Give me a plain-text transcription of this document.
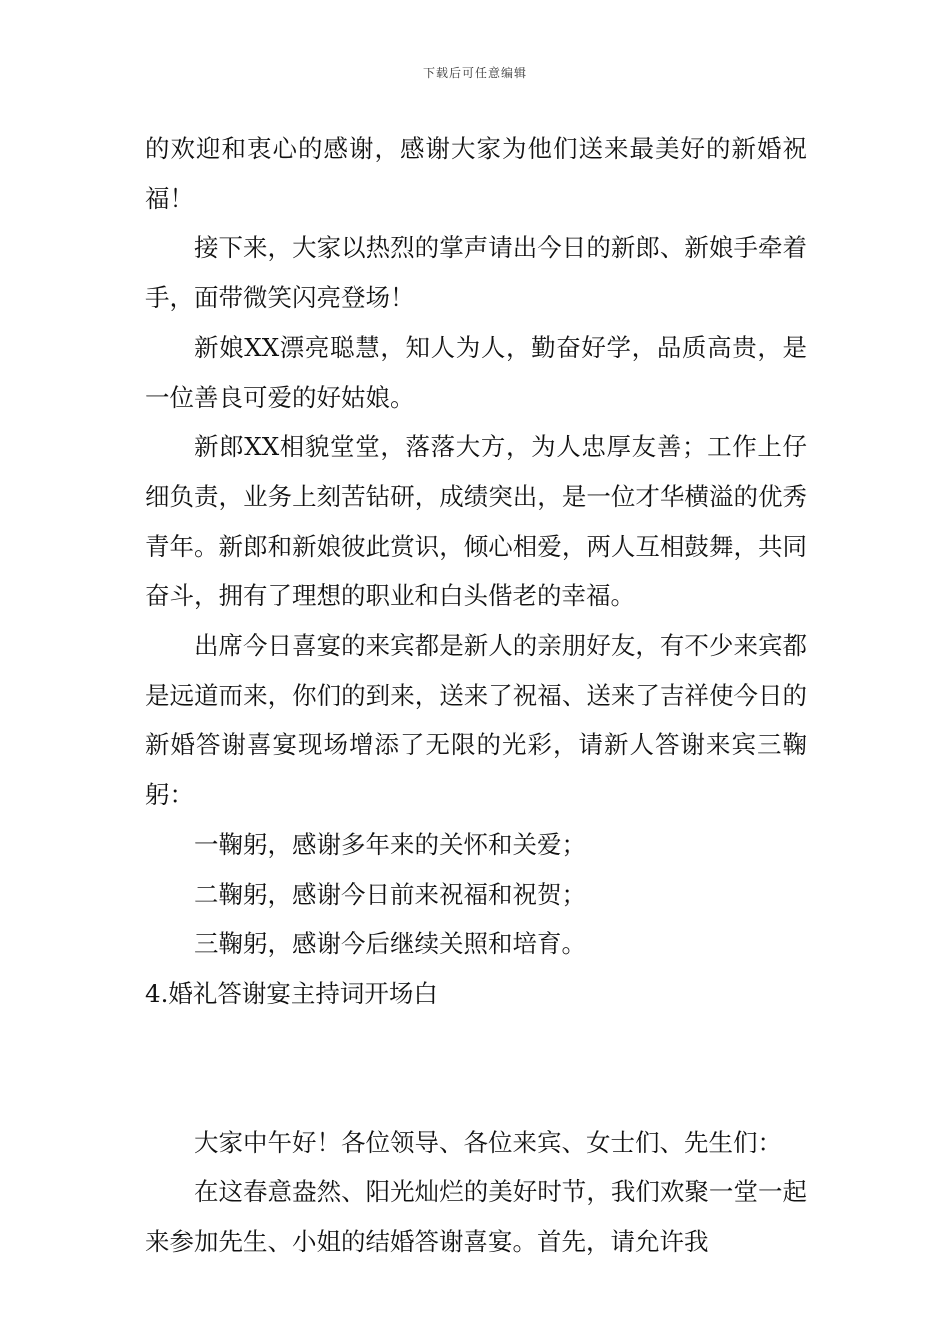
下载后可任意编辑

的欢迎和衷心的感谢，感谢大家为他们送来最美好的新婚祝福！

接下来，大家以热烈的掌声请出今日的新郎、新娘手牵着手，面带微笑闪亮登场！

新娘XX漂亮聪慧，知人为人，勤奋好学，品质高贵，是一位善良可爱的好姑娘。

新郎XX相貌堂堂，落落大方，为人忠厚友善；工作上仔细负责，业务上刻苦钻研，成绩突出，是一位才华横溢的优秀青年。新郎和新娘彼此赏识，倾心相爱，两人互相鼓舞，共同奋斗，拥有了理想的职业和白头偕老的幸福。

出席今日喜宴的来宾都是新人的亲朋好友，有不少来宾都是远道而来，你们的到来，送来了祝福、送来了吉祥使今日的新婚答谢喜宴现场增添了无限的光彩，请新人答谢来宾三鞠躬：

一鞠躬，感谢多年来的关怀和关爱；

二鞠躬，感谢今日前来祝福和祝贺；

三鞠躬，感谢今后继续关照和培育。

4.婚礼答谢宴主持词开场白

大家中午好！各位领导、各位来宾、女士们、先生们：

在这春意盎然、阳光灿烂的美好时节，我们欢聚一堂一起来参加先生、小姐的结婚答谢喜宴。首先，请允许我
